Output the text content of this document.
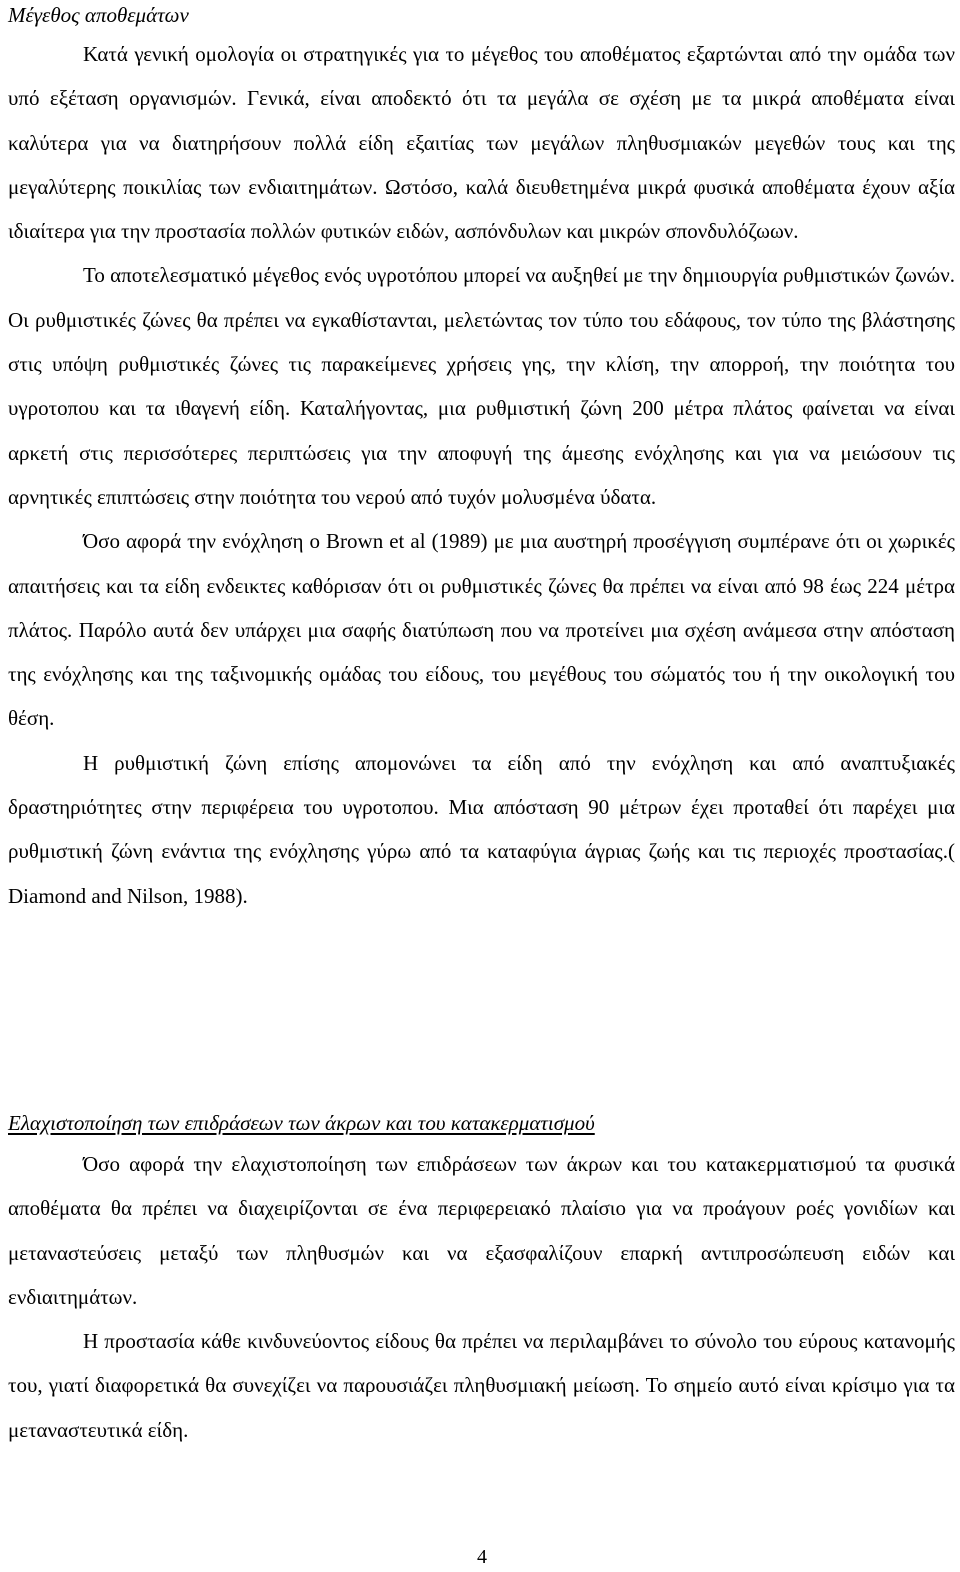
Μέγεθος αποθεμάτων

Κατά γενική ομολογία οι στρατηγικές για το μέγεθος του αποθέματος εξαρτώνται από την ομάδα των υπό εξέταση οργανισμών. Γενικά, είναι αποδεκτό ότι τα μεγάλα σε σχέση με τα μικρά αποθέματα είναι καλύτερα για να διατηρήσουν πολλά είδη εξαιτίας των μεγάλων πληθυσμιακών μεγεθών τους και της μεγαλύτερης ποικιλίας των ενδιαιτημάτων. Ωστόσο, καλά διευθετημένα μικρά φυσικά αποθέματα έχουν αξία ιδιαίτερα για την προστασία πολλών φυτικών ειδών, ασπόνδυλων και μικρών σπονδυλόζωων.

Το αποτελεσματικό μέγεθος ενός υγροτόπου μπορεί να αυξηθεί με την δημιουργία ρυθμιστικών ζωνών. Οι ρυθμιστικές ζώνες θα πρέπει να εγκαθίστανται, μελετώντας τον τύπο του εδάφους, τον τύπο της βλάστησης στις υπόψη ρυθμιστικές ζώνες τις παρακείμενες χρήσεις γης, την κλίση, την απορροή, την ποιότητα του υγροτοπου και τα ιθαγενή είδη. Καταλήγοντας, μια ρυθμιστική ζώνη 200 μέτρα πλάτος φαίνεται να είναι αρκετή στις περισσότερες περιπτώσεις για την αποφυγή της άμεσης ενόχλησης και για να μειώσουν τις αρνητικές επιπτώσεις στην ποιότητα του νερού από τυχόν μολυσμένα ύδατα.

Όσο αφορά την ενόχληση ο Brown et al (1989) με μια αυστηρή προσέγγιση συμπέρανε ότι οι χωρικές απαιτήσεις και τα είδη ενδεικτες καθόρισαν ότι οι ρυθμιστικές ζώνες θα πρέπει να είναι από 98 έως 224 μέτρα πλάτος. Παρόλο αυτά δεν υπάρχει μια σαφής διατύπωση που να προτείνει μια σχέση ανάμεσα στην απόσταση της ενόχλησης και της ταξινομικής ομάδας του είδους, του μεγέθους του σώματός του ή την οικολογική του θέση.

Η ρυθμιστική ζώνη επίσης απομονώνει τα είδη από την ενόχληση και από αναπτυξιακές δραστηριότητες στην περιφέρεια του υγροτοπου. Μια απόσταση 90 μέτρων έχει προταθεί ότι παρέχει μια ρυθμιστική ζώνη ενάντια της ενόχλησης γύρω από τα καταφύγια άγριας ζωής και τις περιοχές προστασίας.( Diamond and Nilson, 1988).

Ελαχιστοποίηση των επιδράσεων των άκρων και του κατακερματισμού

Όσο αφορά την ελαχιστοποίηση των επιδράσεων των άκρων και του κατακερματισμού τα φυσικά αποθέματα θα πρέπει να διαχειρίζονται σε ένα περιφερειακό πλαίσιο για να προάγουν ροές γονιδίων και μεταναστεύσεις μεταξύ των πληθυσμών και να εξασφαλίζουν επαρκή αντιπροσώπευση ειδών και ενδιαιτημάτων.

Η προστασία κάθε κινδυνεύοντος είδους θα πρέπει να περιλαμβάνει το σύνολο του εύρους κατανομής του, γιατί διαφορετικά θα συνεχίζει να παρουσιάζει πληθυσμιακή μείωση. Το σημείο αυτό είναι κρίσιμο για τα μεταναστευτικά είδη.

4
